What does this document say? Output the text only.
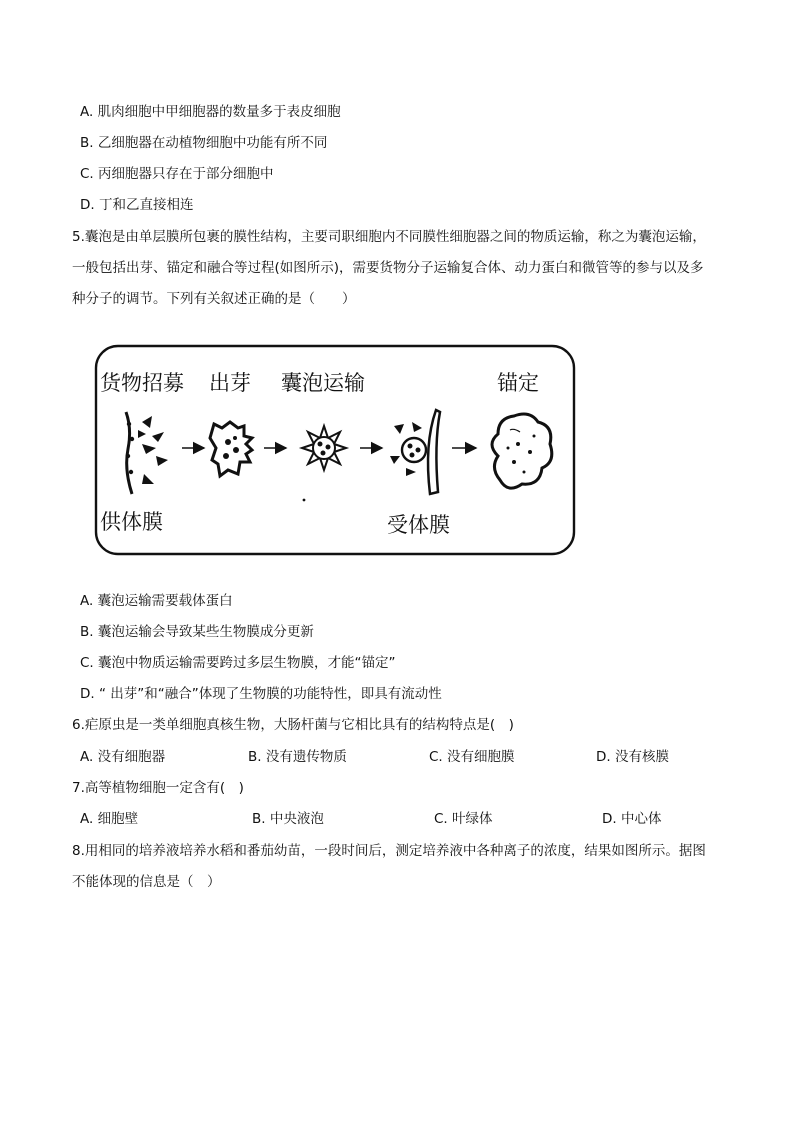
A. 肌肉细胞中甲细胞器的数量多于表皮细胞
B. 乙细胞器在动植物细胞中功能有所不同
C. 丙细胞器只存在于部分细胞中
D. 丁和乙直接相连
5.囊泡是由单层膜所包裹的膜性结构，主要司职细胞内不同膜性细胞器之间的物质运输，称之为囊泡运输，
一般包括出芽、锚定和融合等过程(如图所示)，需要货物分子运输复合体、动力蛋白和微管等的参与以及多
种分子的调节。下列有关叙述正确的是（　　）
货物招募 出芽 囊泡运输	锚定
供体膜	受体膜
A. 囊泡运输需要载体蛋白
B. 囊泡运输会导致某些生物膜成分更新
C. 囊泡中物质运输需要跨过多层生物膜，才能“锚定”
D. “ 出芽”和“融合”体现了生物膜的功能特性，即具有流动性
6.疟原虫是一类单细胞真核生物，大肠杆菌与它相比具有的结构特点是(　)
A. 没有细胞器	B. 没有遗传物质	C. 没有细胞膜	D. 没有核膜
7.高等植物细胞一定含有(　)
A. 细胞壁	B. 中央液泡	C. 叶绿体	D. 中心体
8.用相同的培养液培养水稻和番茄幼苗，一段时间后，测定培养液中各种离子的浓度，结果如图所示。据图
不能体现的信息是（　）
